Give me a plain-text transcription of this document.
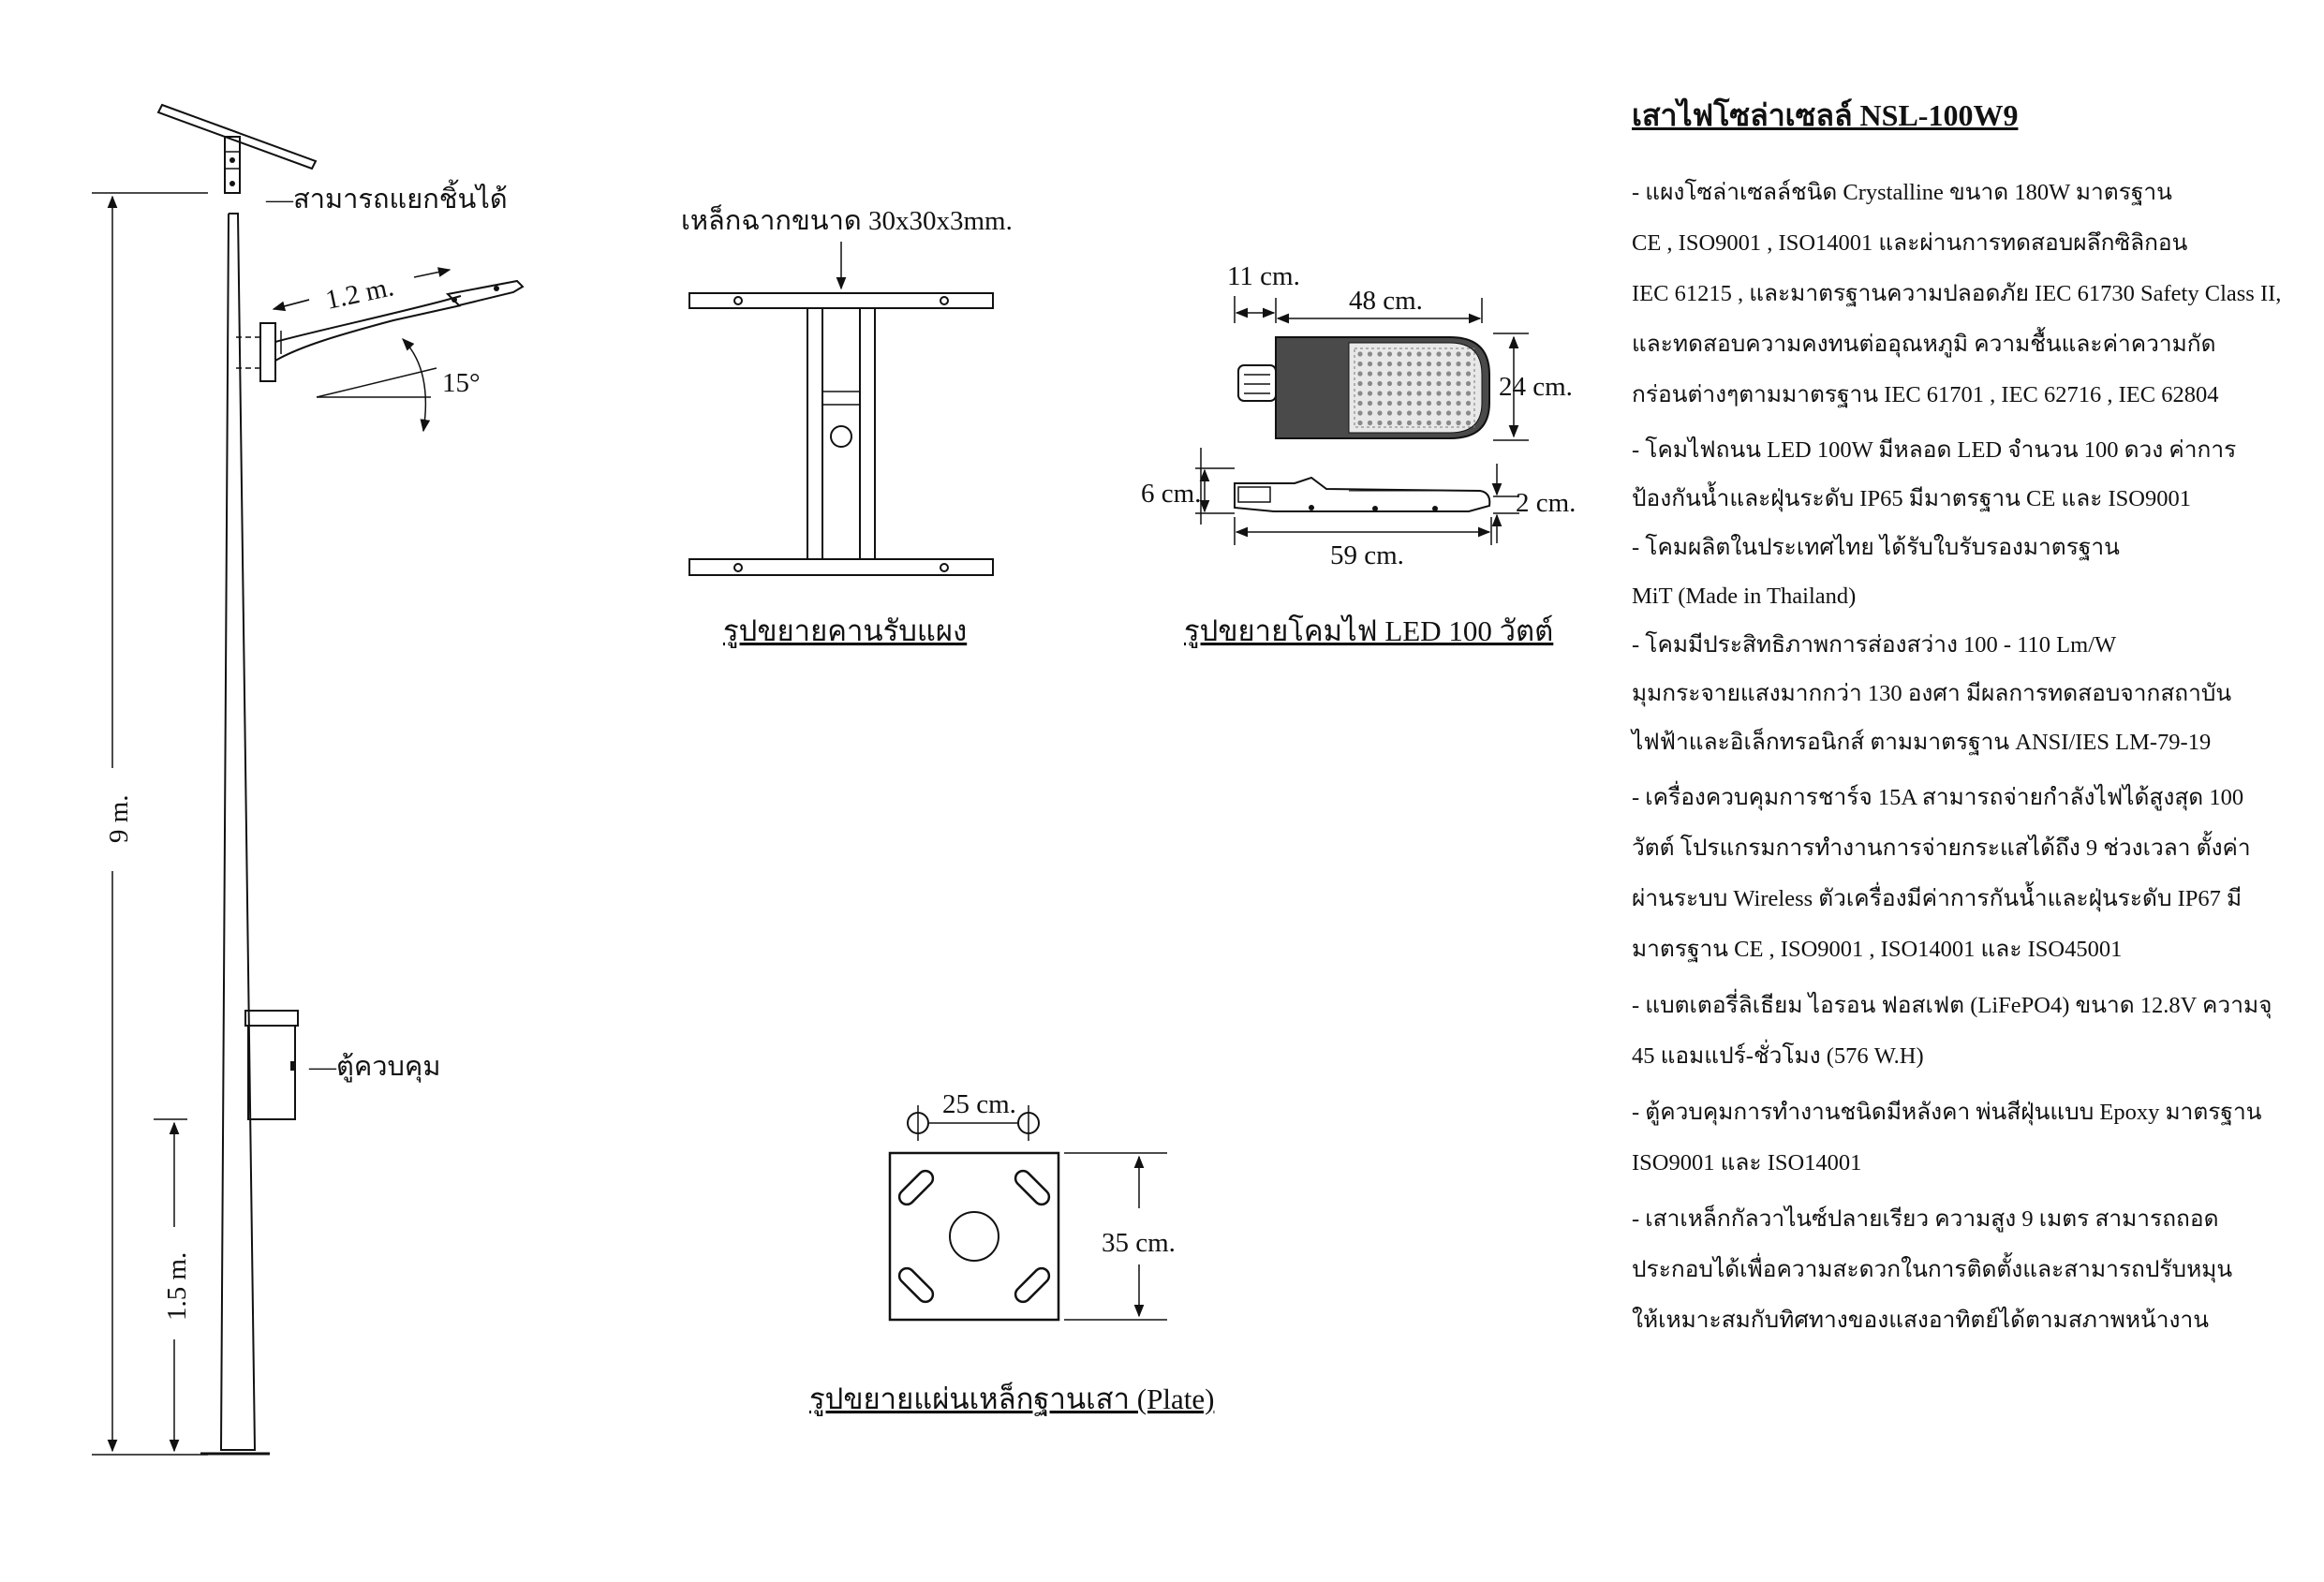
1.2 m.
15°
—สามารถแยกชิ้นได้
9 m.
—ตู้ควบคุม
1.5 m.
เหล็กฉากขนาด 30x30x3mm.
รูปขยายคานรับแผง
11 cm.
48 cm.
24 cm.
6 cm.	2 cm.
59 cm.
รูปขยายโคมไฟ LED 100 วัตต์
25 cm.
35 cm.
รูปขยายแผ่นเหล็กฐานเสา (Plate)
เสาไฟโซล่าเซลล์ NSL-100W9
- แผงโซล่าเซลล์ชนิด Crystalline ขนาด 180W มาตรฐาน
CE , ISO9001 , ISO14001 และผ่านการทดสอบผลึกซิลิกอน
IEC 61215 , และมาตรฐานความปลอดภัย IEC 61730 Safety Class II,
และทดสอบความคงทนต่ออุณหภูมิ ความชื้นและค่าความกัด
กร่อนต่างๆตามมาตรฐาน IEC 61701 , IEC 62716 , IEC 62804
- โคมไฟถนน LED 100W มีหลอด LED จำนวน 100 ดวง ค่าการ
ป้องกันน้ำและฝุ่นระดับ IP65 มีมาตรฐาน CE และ ISO9001
- โคมผลิตในประเทศไทย ได้รับใบรับรองมาตรฐาน
MiT (Made in Thailand)
- โคมมีประสิทธิภาพการส่องสว่าง 100 - 110 Lm/W
มุมกระจายแสงมากกว่า 130 องศา มีผลการทดสอบจากสถาบัน
ไฟฟ้าและอิเล็กทรอนิกส์ ตามมาตรฐาน ANSI/IES LM-79-19
- เครื่องควบคุมการชาร์จ 15A สามารถจ่ายกำลังไฟได้สูงสุด 100
วัตต์ โปรแกรมการทำงานการจ่ายกระแสได้ถึง 9 ช่วงเวลา ตั้งค่า
ผ่านระบบ Wireless ตัวเครื่องมีค่าการกันน้ำและฝุ่นระดับ IP67 มี
มาตรฐาน CE , ISO9001 , ISO14001 และ ISO45001
- แบตเตอรี่ลิเธียม ไอรอน ฟอสเฟต (LiFePO4) ขนาด 12.8V ความจุ
45 แอมแปร์-ชั่วโมง (576 W.H)
- ตู้ควบคุมการทำงานชนิดมีหลังคา พ่นสีฝุ่นแบบ Epoxy มาตรฐาน
ISO9001 และ ISO14001
- เสาเหล็กกัลวาไนซ์ปลายเรียว ความสูง 9 เมตร สามารถถอด
ประกอบได้เพื่อความสะดวกในการติดตั้งและสามารถปรับหมุน
ให้เหมาะสมกับทิศทางของแสงอาทิตย์ได้ตามสภาพหน้างาน
